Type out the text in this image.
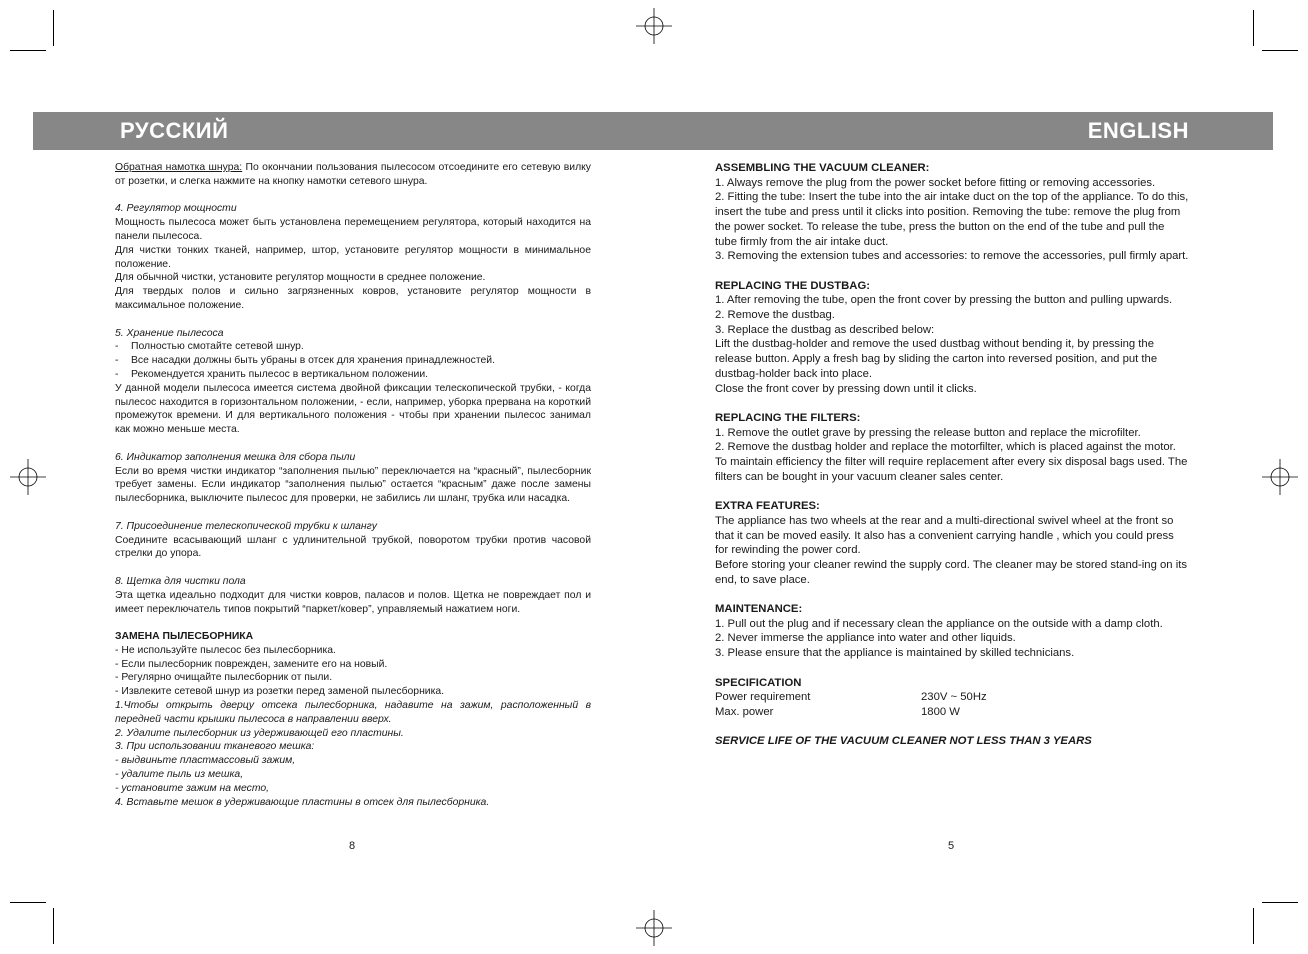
РУССКИЙ	ENGLISH

Обратная намотка шнура: По окончании пользования пылесосом отсоедините его сетевую вилку от розетки, и слегка нажмите на кнопку намотки сетевого шнура.

4. Регулятор мощности

Мощность пылесоса может быть установлена перемещением регулятора, который находится на панели пылесоса.

Для чистки тонких тканей, например, штор, установите регулятор мощности в минимальное положение.

Для обычной чистки, установите регулятор мощности в среднее положение.

Для твердых полов и сильно загрязненных ковров, установите регулятор мощности в максимальное положение.

5. Хранение пылесоса

-	Полностью смотайте сетевой шнур.
-	Все насадки должны быть убраны в отсек для хранения принадлежностей.
-	Рекомендуется хранить пылесос в вертикальном положении.

У данной модели пылесоса имеется система двойной фиксации телескопической трубки, - когда пылесос находится в горизонтальном положении, - если, например, уборка прервана на короткий промежуток времени. И для вертикального положения - чтобы при хранении пылесос занимал как можно меньше места.

6. Индикатор заполнения мешка для сбора пыли

Если во время чистки индикатор “заполнения пылью” переключается на “красный”, пылесборник требует замены. Если индикатор “заполнения пылью” остается “красным” даже после замены пылесборника, выключите пылесос для проверки, не забились ли шланг, трубка или насадка.

7. Присоединение телескопической трубки к шлангу

Соедините всасывающий шланг с удлинительной трубкой, поворотом трубки против часовой стрелки до упора.

8. Щетка для чистки пола

Эта щетка идеально подходит для чистки ковров, паласов и полов. Щетка не повреждает пол и имеет переключатель типов покрытий “паркет/ковер”, управляемый нажатием ноги.

ЗАМЕНА ПЫЛЕСБОРНИКА

- Не используйте пылесос без пылесборника.

- Если пылесборник поврежден, замените его на новый.

- Регулярно очищайте пылесборник от пыли.

- Извлеките сетевой шнур из розетки перед заменой пылесборника.

1.Чтобы открыть дверцу отсека пылесборника, надавите на зажим, расположенный в передней части крышки пылесоса в направлении вверх.

2. Удалите пылесборник из удерживающей его пластины.

3. При использовании тканевого мешка:

- выдвиньте пластмассовый зажим,

- удалите пыль из мешка,

- установите зажим на место,

4. Вставьте мешок в удерживающие пластины в отсек для пылесборника.

8

ASSEMBLING THE VACUUM CLEANER:

1. Always remove the plug from the power socket before fitting or removing accessories.

2. Fitting the tube: Insert the tube into the air intake duct on the top of the appliance. To do this, insert the tube and press until it clicks into position. Removing the tube: remove the plug from the power socket. To release the tube, press the button on the end of the tube and pull the tube firmly from the air intake duct.

3. Removing the extension tubes and accessories: to remove the accessories, pull firmly apart.

REPLACING THE DUSTBAG:

1. After removing the tube, open the front cover by pressing the button and pulling upwards.

2. Remove the dustbag.

3. Replace the dustbag as described below:

Lift the dustbag-holder and remove the used dustbag without bending it, by pressing the release button. Apply a fresh bag by sliding the carton into reversed position, and put the dustbag-holder back into place.

Close the front cover by pressing down until it clicks.

REPLACING THE FILTERS:

1. Remove the outlet grave by pressing the release button and replace the microfilter.

2. Remove the dustbag holder and replace the motorfilter, which is placed against the motor.

To maintain efficiency the filter will require replacement after every six disposal bags used. The filters can be bought in your vacuum cleaner sales center.

EXTRA FEATURES:

The appliance has two wheels at the rear and a multi-directional swivel wheel at the front so that it can be moved easily. It also has a convenient carrying handle , which you could press for rewinding the power cord.

Before storing your cleaner rewind the supply cord. The cleaner may be stored stand-ing on its end, to save place.

MAINTENANCE:

1. Pull out the plug and if necessary clean the appliance on the outside with a damp cloth.

2. Never immerse the appliance into water and other liquids.

3. Please ensure that the appliance is maintained by skilled technicians.

SPECIFICATION

Power requirement	230V ~ 50Hz
Max. power	1800 W

SERVICE LIFE OF THE VACUUM CLEANER NOT LESS THAN 3 YEARS

5
